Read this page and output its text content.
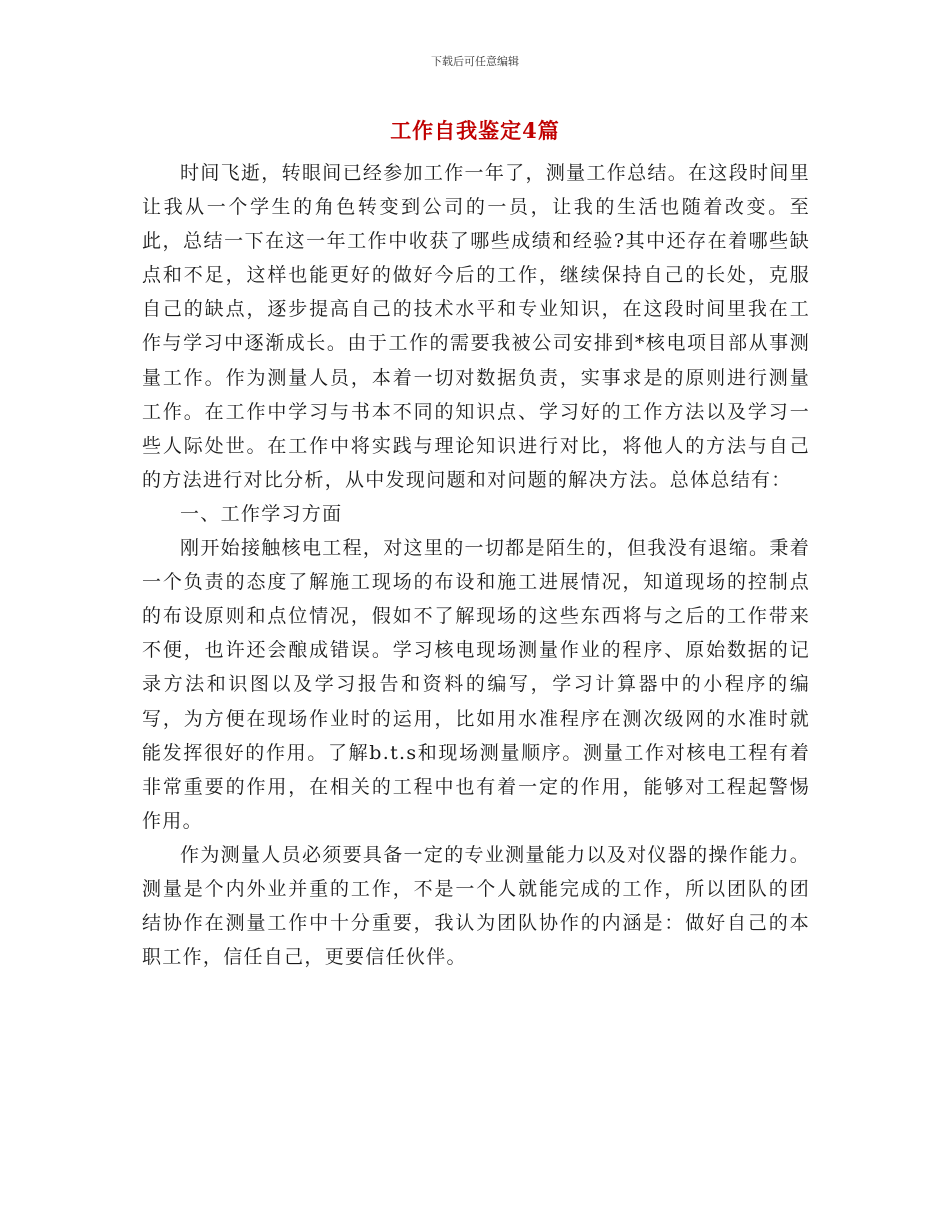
下载后可任意编辑
工作自我鉴定4篇

时间飞逝，转眼间已经参加工作一年了，测量工作总结。在这段时间里让我从一个学生的角色转变到公司的一员，让我的生活也随着改变。至此，总结一下在这一年工作中收获了哪些成绩和经验?其中还存在着哪些缺点和不足，这样也能更好的做好今后的工作，继续保持自己的长处，克服自己的缺点，逐步提高自己的技术水平和专业知识，在这段时间里我在工作与学习中逐渐成长。由于工作的需要我被公司安排到*核电项目部从事测量工作。作为测量人员，本着一切对数据负责，实事求是的原则进行测量工作。在工作中学习与书本不同的知识点、学习好的工作方法以及学习一些人际处世。在工作中将实践与理论知识进行对比，将他人的方法与自己的方法进行对比分析，从中发现问题和对问题的解决方法。总体总结有：

一、工作学习方面

刚开始接触核电工程，对这里的一切都是陌生的，但我没有退缩。秉着一个负责的态度了解施工现场的布设和施工进展情况，知道现场的控制点的布设原则和点位情况，假如不了解现场的这些东西将与之后的工作带来不便，也许还会酿成错误。学习核电现场测量作业的程序、原始数据的记录方法和识图以及学习报告和资料的编写，学习计算器中的小程序的编写，为方便在现场作业时的运用，比如用水准程序在测次级网的水准时就能发挥很好的作用。了解b.t.s和现场测量顺序。测量工作对核电工程有着非常重要的作用，在相关的工程中也有着一定的作用，能够对工程起警惕作用。

作为测量人员必须要具备一定的专业测量能力以及对仪器的操作能力。测量是个内外业并重的工作，不是一个人就能完成的工作，所以团队的团结协作在测量工作中十分重要，我认为团队协作的内涵是：做好自己的本职工作，信任自己，更要信任伙伴。
